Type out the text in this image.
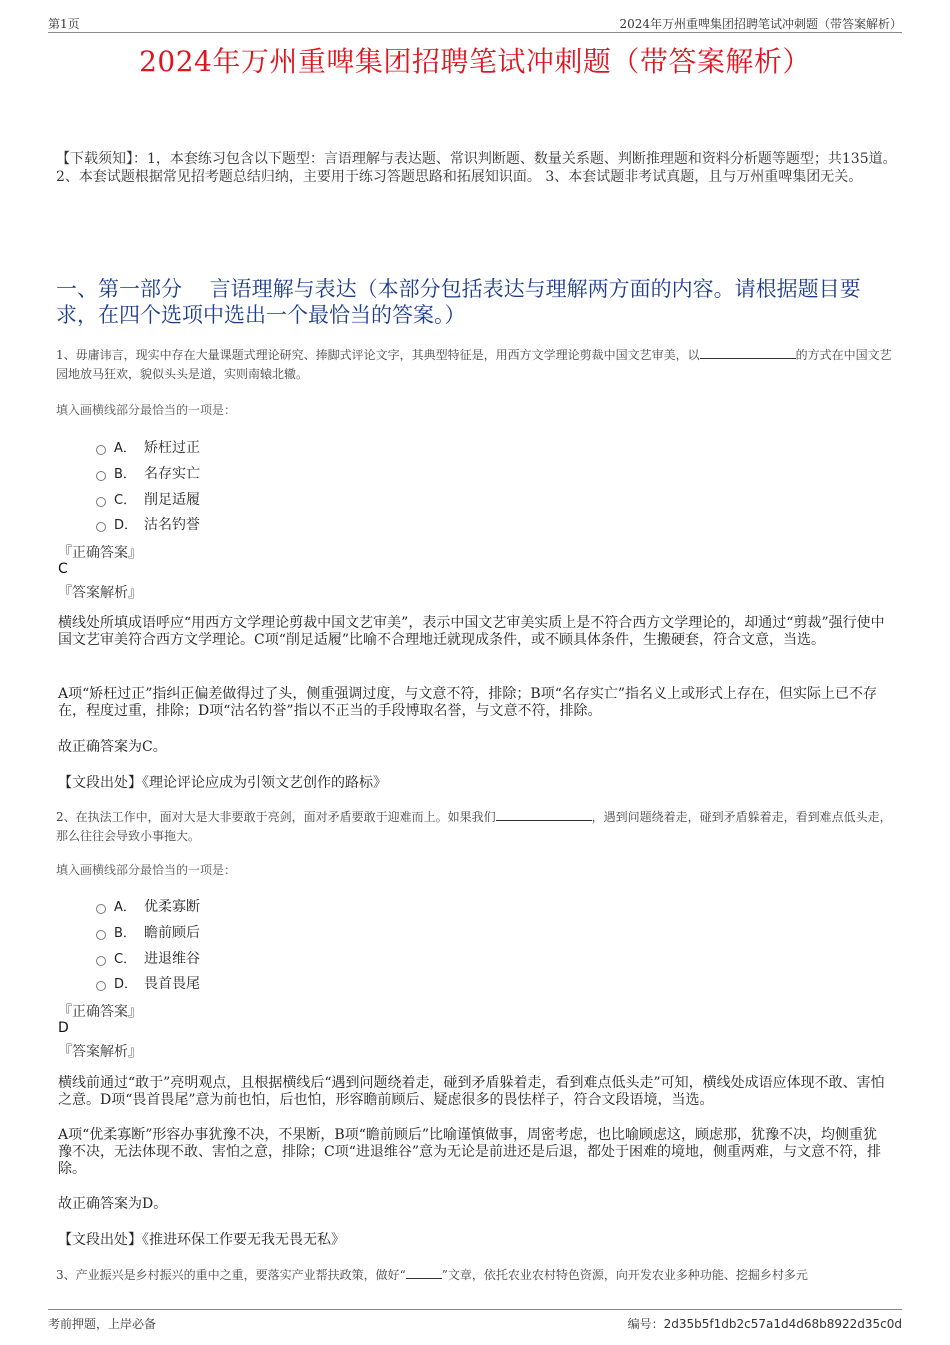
第1页	2024年万州重啤集团招聘笔试冲刺题（带答案解析）
2024年万州重啤集团招聘笔试冲刺题（带答案解析）
【下载须知】：1，本套练习包含以下题型：言语理解与表达题、常识判断题、数量关系题、判断推理题和资料分析题等题型；共135道。 2、本套试题根据常见招考题总结归纳，主要用于练习答题思路和拓展知识面。 3、本套试题非考试真题，且与万州重啤集团无关。
一、第一部分　 言语理解与表达（本部分包括表达与理解两方面的内容。请根据题目要求，在四个选项中选出一个最恰当的答案。）
1、毋庸讳言，现实中存在大量课题式理论研究、捧脚式评论文字，其典型特征是，用西方文学理论剪裁中国文艺审美，以	的方式在中国文艺园地放马狂欢，貌似头头是道，实则南辕北辙。
填入画横线部分最恰当的一项是：
A． 矫枉过正
B． 名存实亡
C． 削足适履
D． 沽名钓誉
『正确答案』
C
『答案解析』
横线处所填成语呼应“用西方文学理论剪裁中国文艺审美”，表示中国文艺审美实质上是不符合西方文学理论的，却通过“剪裁”强行使中国文艺审美符合西方文学理论。C项“削足适履”比喻不合理地迁就现成条件，或不顾具体条件，生搬硬套，符合文意，当选。
A项“矫枉过正”指纠正偏差做得过了头，侧重强调过度，与文意不符，排除；B项“名存实亡”指名义上或形式上存在，但实际上已不存在，程度过重，排除；D项“沽名钓誉”指以不正当的手段博取名誉，与文意不符，排除。
故正确答案为C。
【文段出处】《理论评论应成为引领文艺创作的路标》
2、在执法工作中，面对大是大非要敢于亮剑，面对矛盾要敢于迎难而上。如果我们	，遇到问题绕着走，碰到矛盾躲着走，看到难点低头走，那么往往会导致小事拖大。
填入画横线部分最恰当的一项是：
A． 优柔寡断
B． 瞻前顾后
C． 进退维谷
D． 畏首畏尾
『正确答案』
D
『答案解析』
横线前通过“敢于”亮明观点，且根据横线后“遇到问题绕着走，碰到矛盾躲着走，看到难点低头走”可知，横线处成语应体现不敢、害怕之意。D项“畏首畏尾”意为前也怕，后也怕，形容瞻前顾后、疑虑很多的畏怯样子，符合文段语境，当选。
A项“优柔寡断”形容办事犹豫不决，不果断，B项“瞻前顾后”比喻谨慎做事，周密考虑，也比喻顾虑这，顾虑那，犹豫不决，均侧重犹豫不决，无法体现不敢、害怕之意，排除；C项“进退维谷”意为无论是前进还是后退，都处于困难的境地，侧重两难，与文意不符，排除。
故正确答案为D。
【文段出处】《推进环保工作要无我无畏无私》
3、产业振兴是乡村振兴的重中之重，要落实产业帮扶政策，做好“	”文章，依托农业农村特色资源，向开发农业多种功能、挖掘乡村多元
考前押题，上岸必备	编号：2d35b5f1db2c57a1d4d68b8922d35c0d
